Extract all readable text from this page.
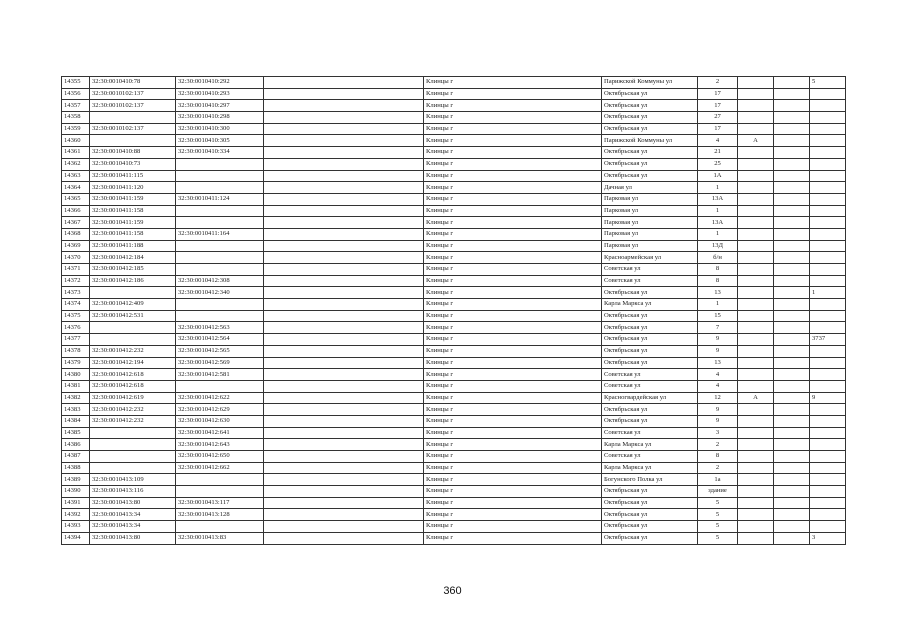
14355	32:30:0010410:78	32:30:0010410:292		Клинцы г	Парижской Коммуны ул	2			5
14356	32:30:0010102:137	32:30:0010410:293		Клинцы г	Октябрьская ул	17			
14357	32:30:0010102:137	32:30:0010410:297		Клинцы г	Октябрьская ул	17			
14358		32:30:0010410:298		Клинцы г	Октябрьская ул	27			
14359	32:30:0010102:137	32:30:0010410:300		Клинцы г	Октябрьская ул	17			
14360		32:30:0010410:305		Клинцы г	Парижской Коммуны ул	4	А		
14361	32:30:0010410:88	32:30:0010410:334		Клинцы г	Октябрьская ул	21			
14362	32:30:0010410:73			Клинцы г	Октябрьская ул	25			
14363	32:30:0010411:115			Клинцы г	Октябрьская ул	1А			
14364	32:30:0010411:120			Клинцы г	Дачная ул	1			
14365	32:30:0010411:159	32:30:0010411:124		Клинцы г	Парковая ул	13А			
14366	32:30:0010411:158			Клинцы г	Парковая ул	1			
14367	32:30:0010411:159			Клинцы г	Парковая ул	13А			
14368	32:30:0010411:158	32:30:0010411:164		Клинцы г	Парковая ул	1			
14369	32:30:0010411:188			Клинцы г	Парковая ул	13Д			
14370	32:30:0010412:184			Клинцы г	Красноармейская ул	б/н			
14371	32:30:0010412:185			Клинцы г	Советская ул	8			
14372	32:30:0010412:186	32:30:0010412:308		Клинцы г	Советская ул	8			
14373		32:30:0010412:340		Клинцы г	Октябрьская ул	13			1
14374	32:30:0010412:409			Клинцы г	Карла Маркса ул	1			
14375	32:30:0010412:531			Клинцы г	Октябрьская ул	15			
14376		32:30:0010412:563		Клинцы г	Октябрьская ул	7			
14377		32:30:0010412:564		Клинцы г	Октябрьская ул	9			3737
14378	32:30:0010412:232	32:30:0010412:565		Клинцы г	Октябрьская ул	9			
14379	32:30:0010412:194	32:30:0010412:569		Клинцы г	Октябрьская ул	13			
14380	32:30:0010412:618	32:30:0010412:581		Клинцы г	Советская ул	4			
14381	32:30:0010412:618			Клинцы г	Советская ул	4			
14382	32:30:0010412:619	32:30:0010412:622		Клинцы г	Красногвардейская ул	12	А		9
14383	32:30:0010412:232	32:30:0010412:629		Клинцы г	Октябрьская ул	9			
14384	32:30:0010412:232	32:30:0010412:630		Клинцы г	Октябрьская ул	9			
14385		32:30:0010412:641		Клинцы г	Советская ул	3			
14386		32:30:0010412:643		Клинцы г	Карла Маркса ул	2			
14387		32:30:0010412:650		Клинцы г	Советская ул	8			
14388		32:30:0010412:662		Клинцы г	Карла Маркса ул	2			
14389	32:30:0010413:109			Клинцы г	Богунского Полка ул	1а			
14390	32:30:0010413:116			Клинцы г	Октябрьская ул	здание			
14391	32:30:0010413:80	32:30:0010413:117		Клинцы г	Октябрьская ул	5			
14392	32:30:0010413:34	32:30:0010413:128		Клинцы г	Октябрьская ул	5			
14393	32:30:0010413:34			Клинцы г	Октябрьская ул	5			
14394	32:30:0010413:80	32:30:0010413:83		Клинцы г	Октябрьская ул	5			3
360
